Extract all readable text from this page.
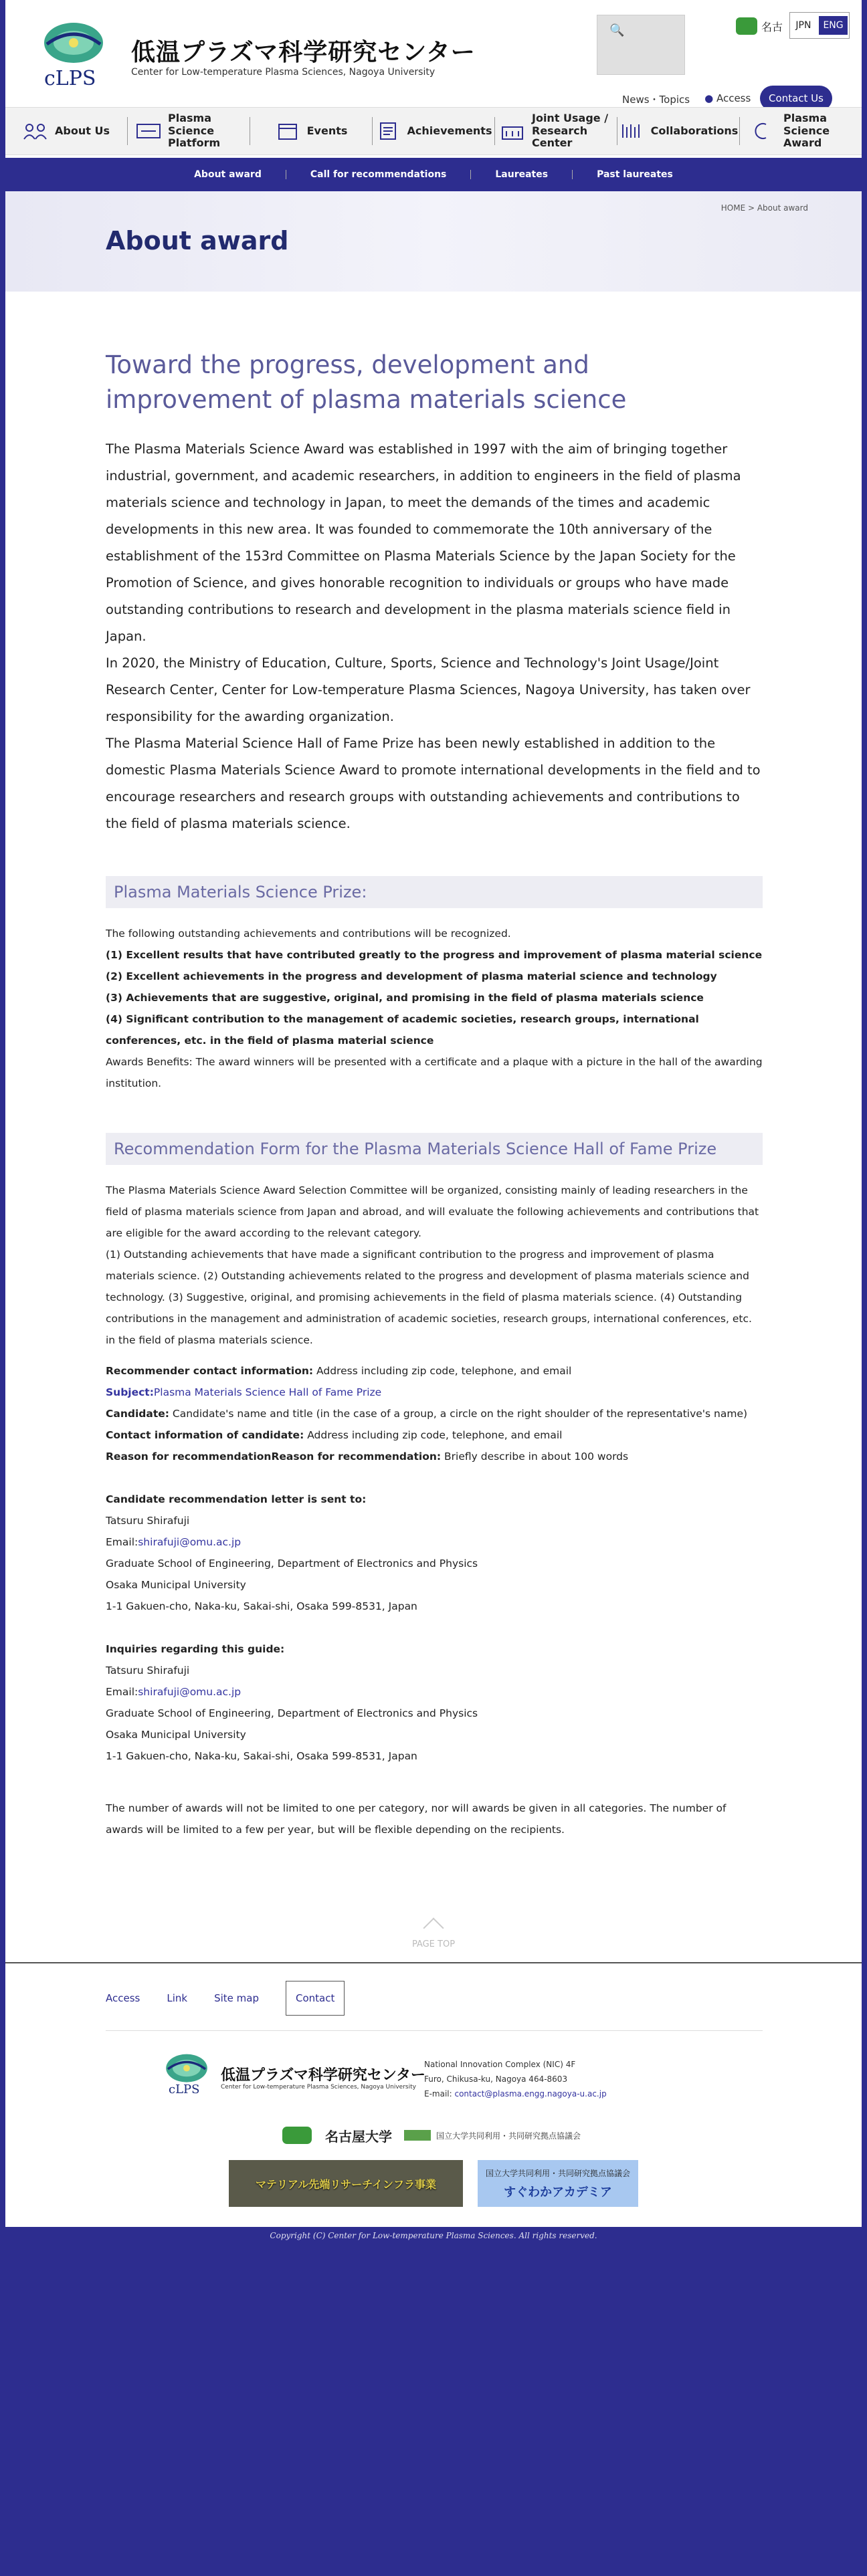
cLPS
低温プラズマ科学研究センター
Center for Low-temperature Plasma Sciences, Nagoya University
🔍	名古	JPN	ENG
News・Topics ● Access	Contact Us
About Us
Plasma Science Platform
Events	Achievements
Joint Usage / Research Center
Collaborations
Plasma Science Award
About award	Call for recommendations	Laureates	Past laureates
HOME > About award
About award
Toward the progress, development and improvement of plasma materials science

The Plasma Materials Science Award was established in 1997 with the aim of bringing together industrial, government, and academic researchers, in addition to engineers in the field of plasma materials science and technology in Japan, to meet the demands of the times and academic developments in this new area. It was founded to commemorate the 10th anniversary of the establishment of the 153rd Committee on Plasma Materials Science by the Japan Society for the Promotion of Science, and gives honorable recognition to individuals or groups who have made outstanding contributions to research and development in the plasma materials science field in Japan.

In 2020, the Ministry of Education, Culture, Sports, Science and Technology's Joint Usage/Joint Research Center, Center for Low-temperature Plasma Sciences, Nagoya University, has taken over responsibility for the awarding organization.

The Plasma Material Science Hall of Fame Prize has been newly established in addition to the domestic Plasma Materials Science Award to promote international developments in the field and to encourage researchers and research groups with outstanding achievements and contributions to the field of plasma materials science.

Plasma Materials Science Prize:

The following outstanding achievements and contributions will be recognized.

(1) Excellent results that have contributed greatly to the progress and improvement of plasma material science

(2) Excellent achievements in the progress and development of plasma material science and technology

(3) Achievements that are suggestive, original, and promising in the field of plasma materials science

(4) Significant contribution to the management of academic societies, research groups, international conferences, etc. in the field of plasma material science

Awards Benefits: The award winners will be presented with a certificate and a plaque with a picture in the hall of the awarding institution.

Recommendation Form for the Plasma Materials Science Hall of Fame Prize

The Plasma Materials Science Award Selection Committee will be organized, consisting mainly of leading researchers in the field of plasma materials science from Japan and abroad, and will evaluate the following achievements and contributions that are eligible for the award according to the relevant category.

(1) Outstanding achievements that have made a significant contribution to the progress and improvement of plasma materials science. (2) Outstanding achievements related to the progress and development of plasma materials science and technology. (3) Suggestive, original, and promising achievements in the field of plasma materials science. (4) Outstanding contributions in the management and administration of academic societies, research groups, international conferences, etc. in the field of plasma materials science.

Recommender contact information: Address including zip code, telephone, and email

Subject:Plasma Materials Science Hall of Fame Prize

Candidate: Candidate's name and title (in the case of a group, a circle on the right shoulder of the representative's name)

Contact information of candidate: Address including zip code, telephone, and email

Reason for recommendationReason for recommendation: Briefly describe in about 100 words

Candidate recommendation letter is sent to:

Tatsuru Shirafuji

Email:shirafuji@omu.ac.jp

Graduate School of Engineering, Department of Electronics and Physics

Osaka Municipal University

1-1 Gakuen-cho, Naka-ku, Sakai-shi, Osaka 599-8531, Japan

Inquiries regarding this guide:

Tatsuru Shirafuji

Email:shirafuji@omu.ac.jp

Graduate School of Engineering, Department of Electronics and Physics

Osaka Municipal University

1-1 Gakuen-cho, Naka-ku, Sakai-shi, Osaka 599-8531, Japan

The number of awards will not be limited to one per category, nor will awards be given in all categories. The number of awards will be limited to a few per year, but will be flexible depending on the recipients.

PAGE TOP
Access	Link	Site map	Contact
cLPS
低温プラズマ科学研究センター
Center for Low-temperature Plasma Sciences, Nagoya University
National Innovation Complex (NIC) 4F
Furo, Chikusa-ku, Nagoya 464-8603
E-mail: contact@plasma.engg.nagoya-u.ac.jp
名古屋大学	国立大学共同利用・共同研究拠点協議会
マテリアル先端リサーチインフラ事業
国立大学共同利用・共同研究拠点協議会
すぐわかアカデミア
Copyright (C) Center for Low-temperature Plasma Sciences. All rights reserved.
